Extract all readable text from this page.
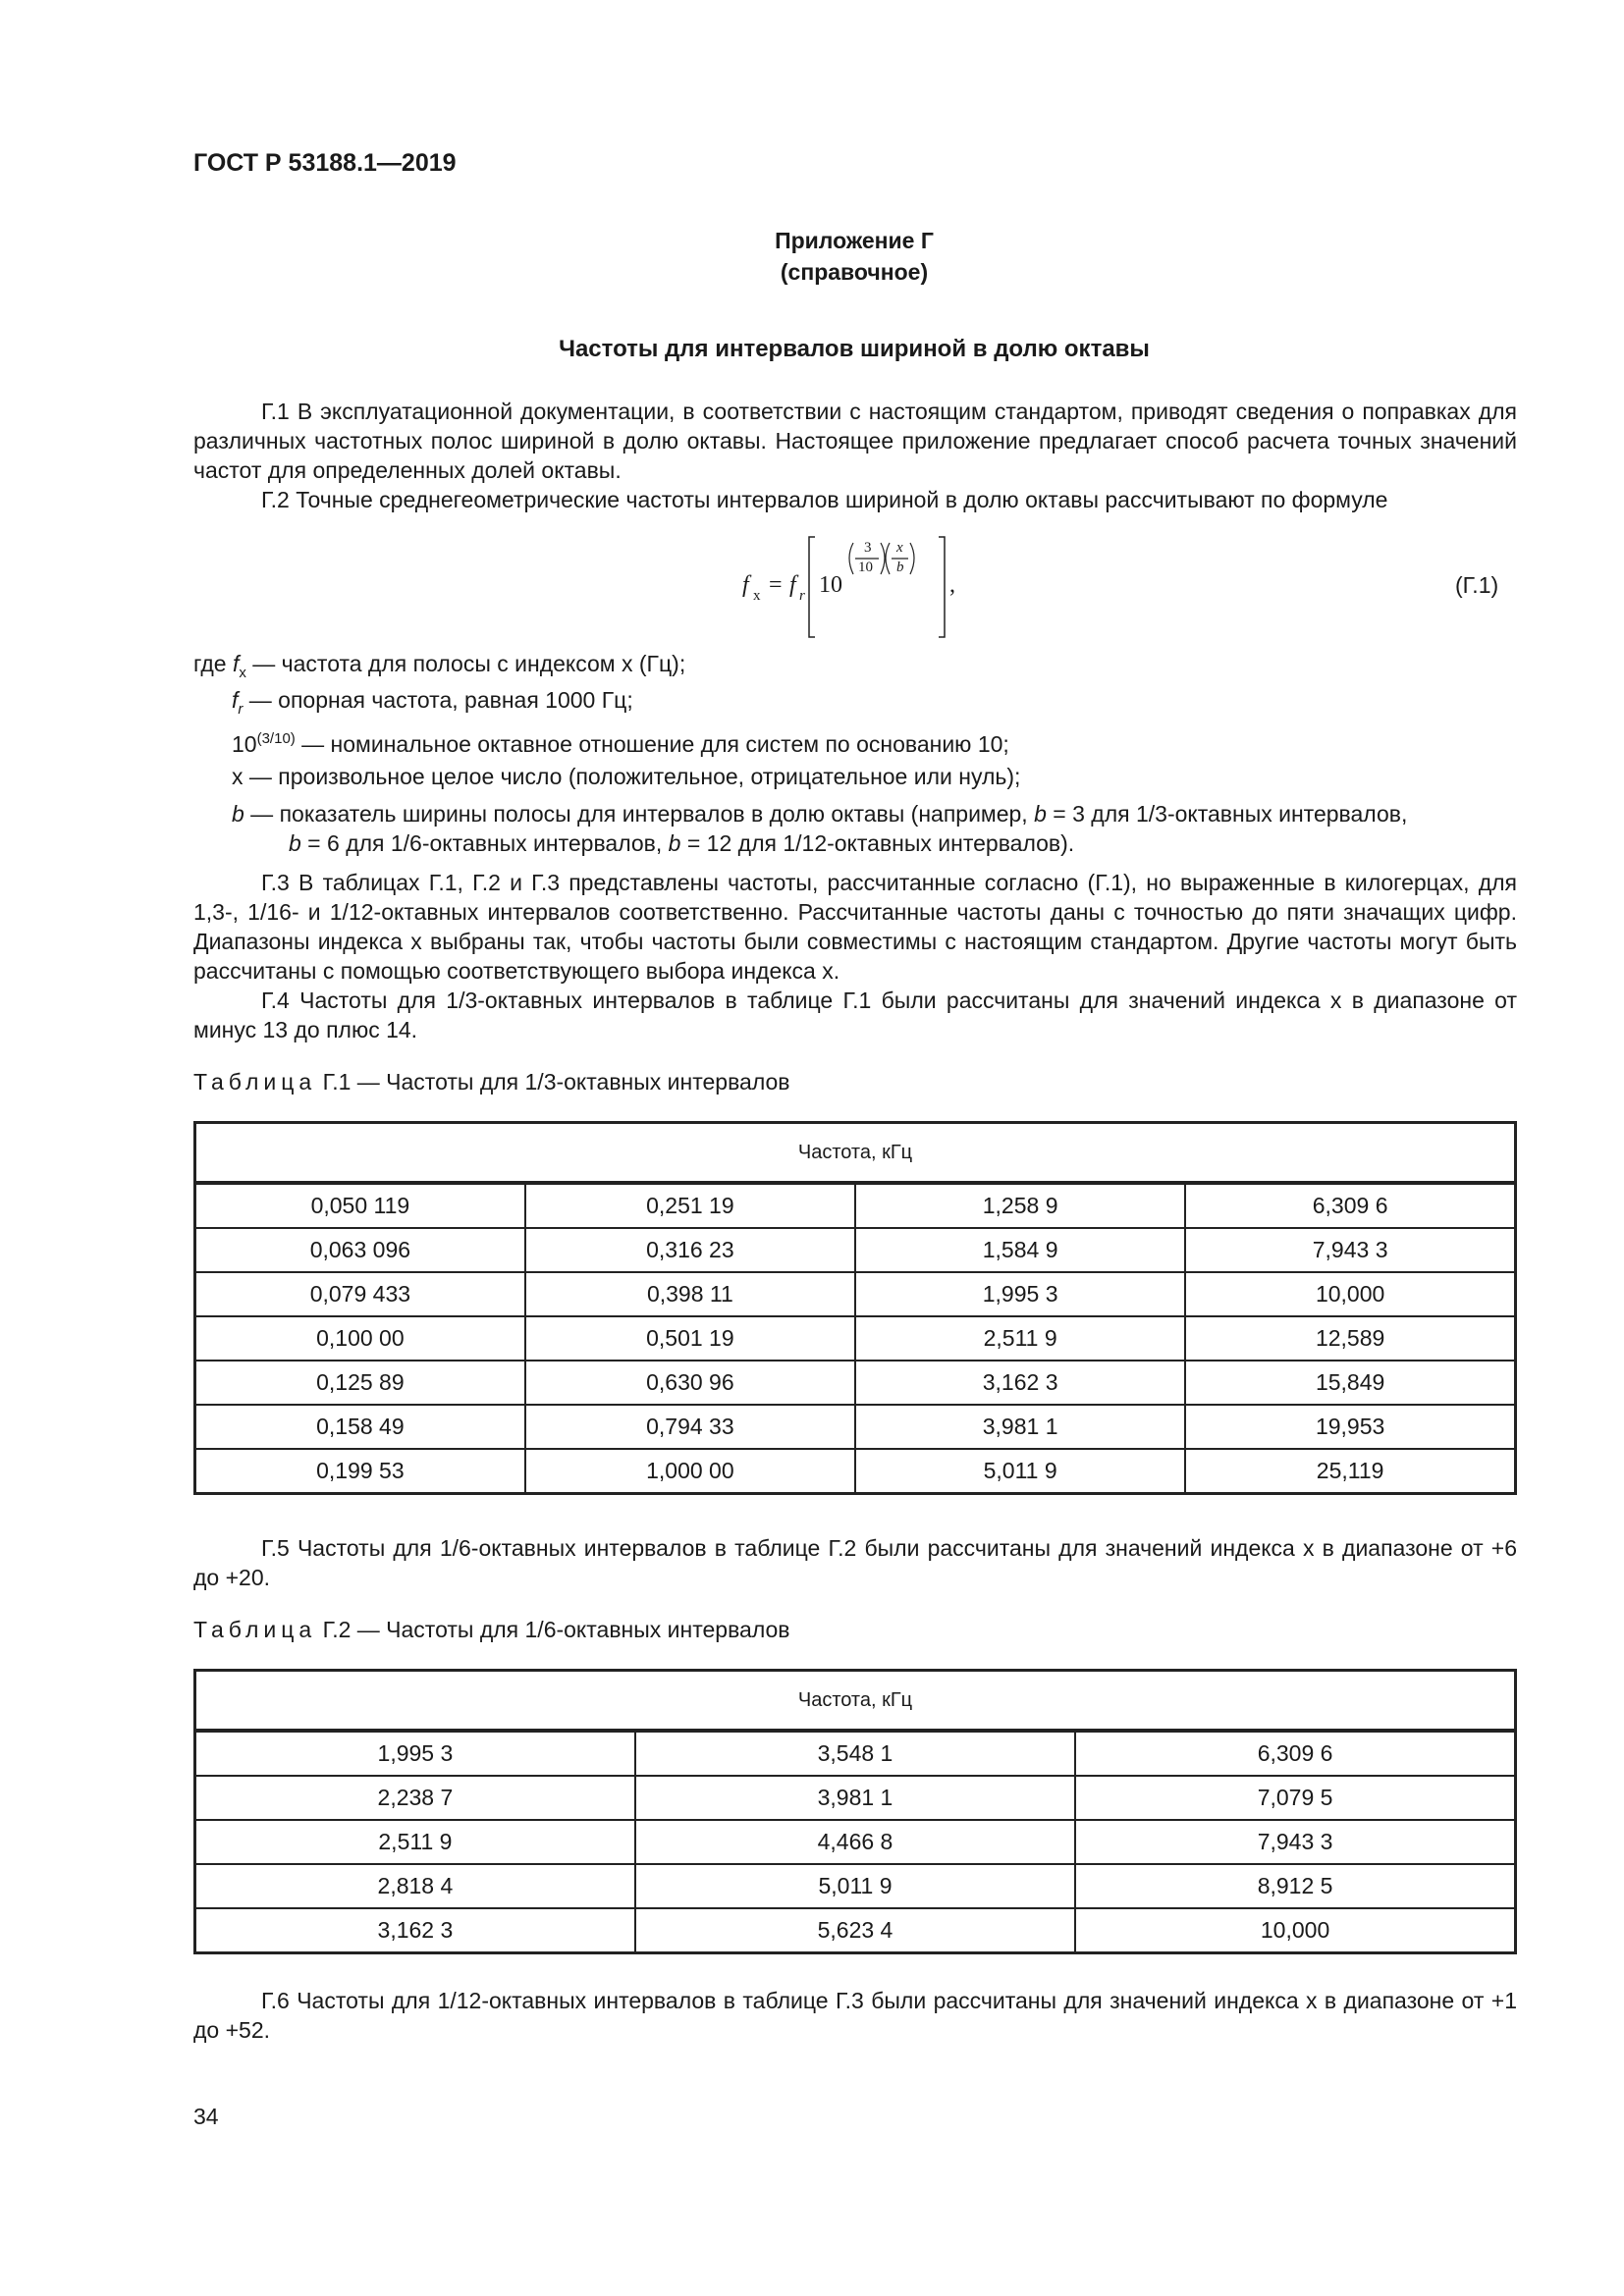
ГОСТ Р 53188.1—2019
Приложение Г
(справочное)
Частоты для интервалов шириной в долю октавы
Г.1 В эксплуатационной документации, в соответствии с настоящим стандартом, приводят сведения о поправках для различных частотных полос шириной в долю октавы. Настоящее приложение предлагает способ расчета точных значений частот для определенных долей октавы.
Г.2 Точные среднегеометрические частоты интервалов шириной в долю октавы рассчитывают по формуле
f x = f r 10
3
10
x
b
,	(Г.1)
где $f_x$ — частота для полосы с индексом x (Гц);
$f_r$ — опорная частота, равная 1000 Гц;
$10^{(3/10)}$ — номинальное октавное отношение для систем по основанию 10;
x — произвольное целое число (положительное, отрицательное или нуль);
b — показатель ширины полосы для интервалов в долю октавы (например, b = 3 для 1/3-октавных интервалов,
b = 6 для 1/6-октавных интервалов, b = 12 для 1/12-октавных интервалов).
Г.3 В таблицах Г.1, Г.2 и Г.3 представлены частоты, рассчитанные согласно (Г.1), но выраженные в килогерцах, для 1,3-, 1/16- и 1/12-октавных интервалов соответственно. Рассчитанные частоты даны с точностью до пяти значащих цифр. Диапазоны индекса x выбраны так, чтобы частоты были совместимы с настоящим стандартом. Другие частоты могут быть рассчитаны с помощью соответствующего выбора индекса x.
Г.4 Частоты для 1/3-октавных интервалов в таблице Г.1 были рассчитаны для значений индекса x в диапазоне от минус 13 до плюс 14.
Таблица Г.1 — Частоты для 1/3-октавных интервалов
Частота, кГц			
0,050 119	0,251 19	1,258 9	6,309 6
0,063 096	0,316 23	1,584 9	7,943 3
0,079 433	0,398 11	1,995 3	10,000
0,100 00	0,501 19	2,511 9	12,589
0,125 89	0,630 96	3,162 3	15,849
0,158 49	0,794 33	3,981 1	19,953
0,199 53	1,000 00	5,011 9	25,119
Г.5 Частоты для 1/6-октавных интервалов в таблице Г.2 были рассчитаны для значений индекса x в диапазоне от +6 до +20.
Таблица Г.2 — Частоты для 1/6-октавных интервалов
Частота, кГц		
1,995 3	3,548 1	6,309 6
2,238 7	3,981 1	7,079 5
2,511 9	4,466 8	7,943 3
2,818 4	5,011 9	8,912 5
3,162 3	5,623 4	10,000
Г.6 Частоты для 1/12-октавных интервалов в таблице Г.3 были рассчитаны для значений индекса x в диапазоне от +1 до +52.
34
